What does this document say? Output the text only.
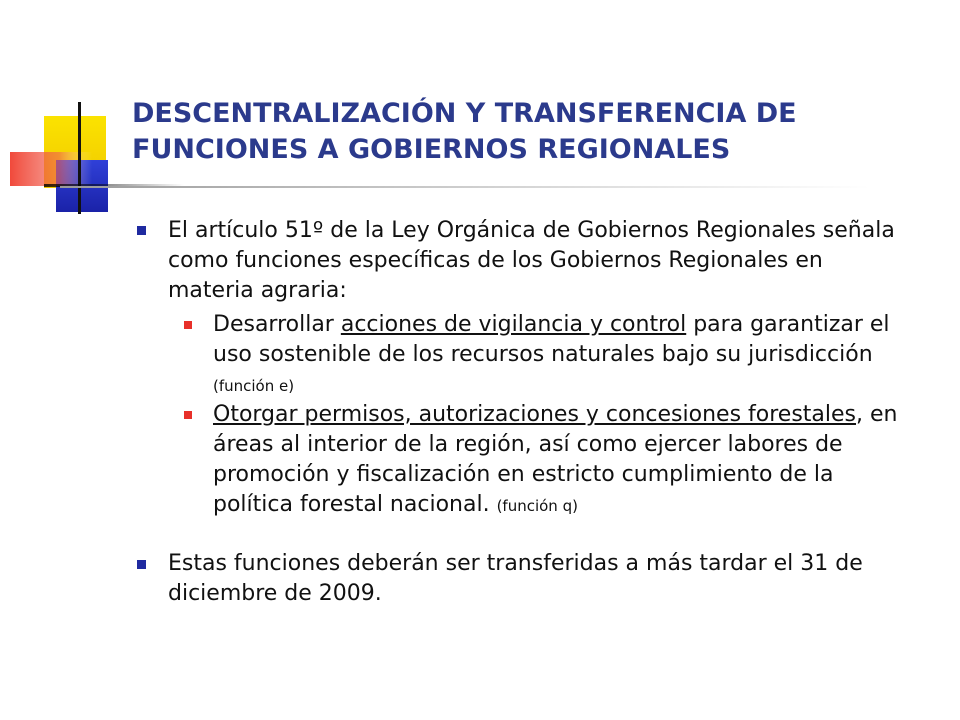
DESCENTRALIZACIÓN Y TRANSFERENCIA DE
FUNCIONES A GOBIERNOS REGIONALES
El artículo 51º de la Ley Orgánica de Gobiernos Regionales señala como funciones específicas de los Gobiernos Regionales en materia agraria:
Desarrollar acciones de vigilancia y control para garantizar el uso sostenible de los recursos naturales bajo su jurisdicción (función e)
Otorgar permisos, autorizaciones y concesiones forestales, en áreas al interior de la región, así como ejercer labores de promoción y fiscalización en estricto cumplimiento de la política forestal nacional. (función q)
Estas funciones deberán ser transferidas a más tardar el 31 de diciembre de 2009.
